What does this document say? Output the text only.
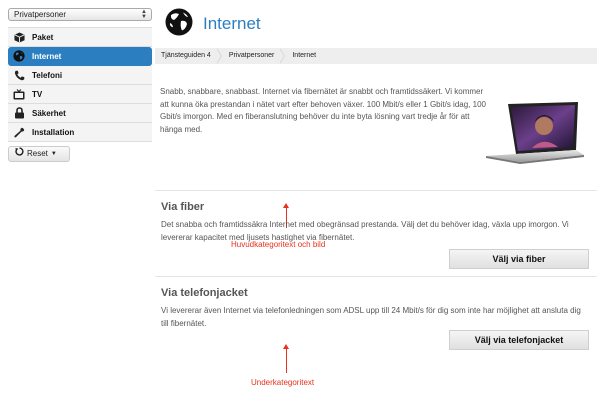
Privatpersoner	▲
▼
Paket
Internet
Telefoni
TV
Säkerhet
Installation
Reset ▼
Internet
Tjänsteguiden 4	Privatpersoner	Internet

Snabb, snabbare, snabbast. Internet via fibernätet är snabbt och framtidssäkert. Vi kommer att kunna öka prestandan i nätet vart efter behoven växer. 100 Mbit/s eller 1 Gbit/s idag, 100 Gbit/s imorgon. Med en fiberanslutning behöver du inte byta lösning vart tredje år för att hänga med.

Huvudkategoritext och bild
Via fiber
Det snabba och framtidssäkra Internet med obegränsad prestanda. Välj det du behöver idag, växla upp imorgon. Vi levererar kapacitet med ljusets hastighet via fibernätet.
Välj via fiber
Via telefonjacket
Vi levererar även Internet via telefonledningen som ADSL upp till 24 Mbit/s för dig som inte har möjlighet att ansluta dig till fibernätet.
Välj via telefonjacket
Underkategoritext
